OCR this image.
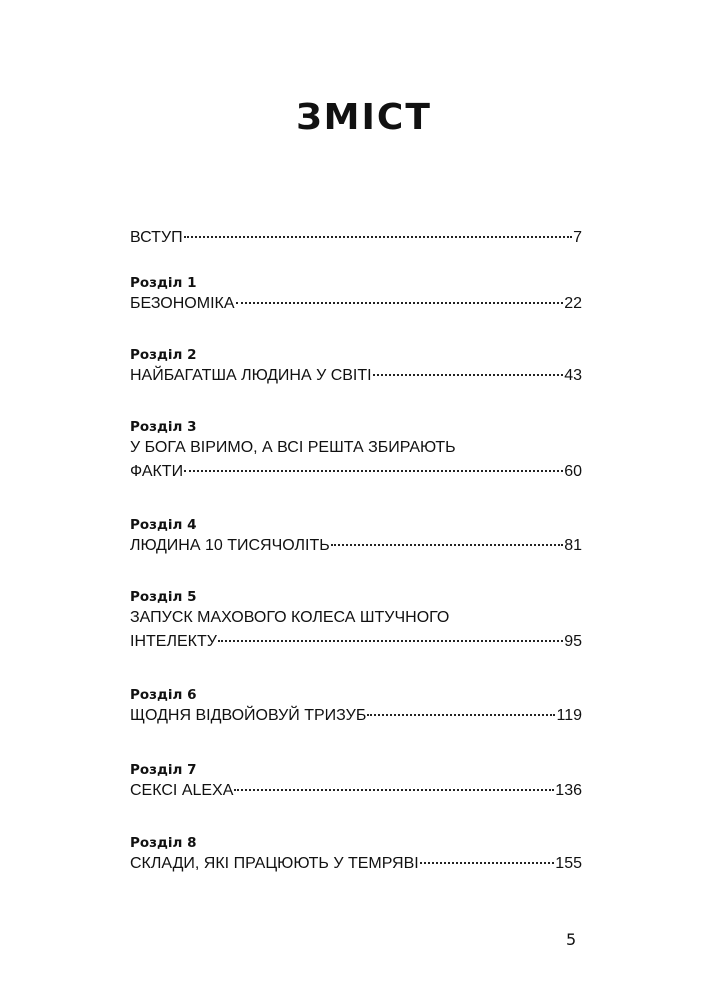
ЗМІСТ
ВСТУП	7
Розділ 1
БЕЗОНОМІКА	22
Розділ 2
НАЙБАГАТША ЛЮДИНА У СВІТІ	43
Розділ 3
У БОГА ВІРИМО, А ВСІ РЕШТА ЗБИРАЮТЬ
ФАКТИ	60
Розділ 4
ЛЮДИНА 10 ТИСЯЧОЛІТЬ	81
Розділ 5
ЗАПУСК МАХОВОГО КОЛЕСА ШТУЧНОГО
ІНТЕЛЕКТУ	95
Розділ 6
ЩОДНЯ ВІДВОЙОВУЙ ТРИЗУБ	119
Розділ 7
СЕКСІ ALEXA	136
Розділ 8
СКЛАДИ, ЯКІ ПРАЦЮЮТЬ У ТЕМРЯВІ	155
5
